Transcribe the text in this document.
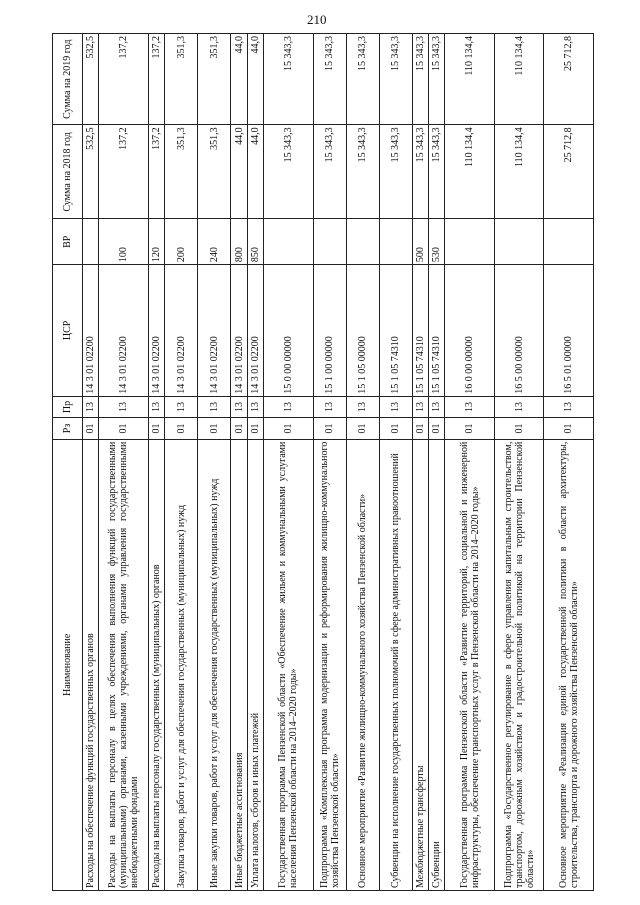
210
Наименование	Рз	Пр	ЦСР	ВР	Сумма на 2018 год	Сумма на 2019 год
Расходы на обеспечение функций государственных органов	01	13	14 3 01 02200		532,5	532,5
Расходы на выплаты персоналу в целях обеспечения выполнения функций государственными (муниципальными) органами, казенными учреждениями, органами управления государственными внебюджетными фондами	01	13	14 3 01 02200	100	137,2	137,2
Расходы на выплаты персоналу государственных (муниципальных) органов	01	13	14 3 01 02200	120	137,2	137,2
Закупка товаров, работ и услуг для обеспечения государственных (муниципальных) нужд	01	13	14 3 01 02200	200	351,3	351,3
Иные закупки товаров, работ и услуг для обеспечения государственных (муниципальных) нужд	01	13	14 3 01 02200	240	351,3	351,3
Иные бюджетные ассигнования	01	13	14 3 01 02200	800	44,0	44,0
Уплата налогов, сборов и иных платежей	01	13	14 3 01 02200	850	44,0	44,0
Государственная программа Пензенской области «Обеспечение жильем и коммунальными услугами населения Пензенской области на 2014–2020 годы»	01	13	15 0 00 00000		15 343,3	15 343,3
Подпрограмма «Комплексная программа модернизации и реформирования жилищно-коммунального хозяйства Пензенской области»	01	13	15 1 00 00000		15 343,3	15 343,3
Основное мероприятие «Развитие жилищно-коммунального хозяйства Пензенской области»	01	13	15 1 05 00000		15 343,3	15 343,3
Субвенции на исполнение государственных полномочий в сфере административных правоотношений	01	13	15 1 05 74310		15 343,3	15 343,3
Межбюджетные трансферты	01	13	15 1 05 74310	500	15 343,3	15 343,3
Субвенции	01	13	15 1 05 74310	530	15 343,3	15 343,3
Государственная программа Пензенской области «Развитие территорий, социальной и инженерной инфраструктуры, обеспечение транспортных услуг в Пензенской области на 2014–2020 годы»	01	13	16 0 00 00000		110 134,4	110 134,4
Подпрограмма «Государственное регулирование в сфере управления капитальным строительством, транспортом, дорожным хозяйством и градостроительной политикой на территории Пензенской области»	01	13	16 5 00 00000		110 134,4	110 134,4
Основное мероприятие «Реализация единой государственной политики в области архитектуры, строительства, транспорта и дорожного хозяйства Пензенской области»	01	13	16 5 01 00000		25 712,8	25 712,8
